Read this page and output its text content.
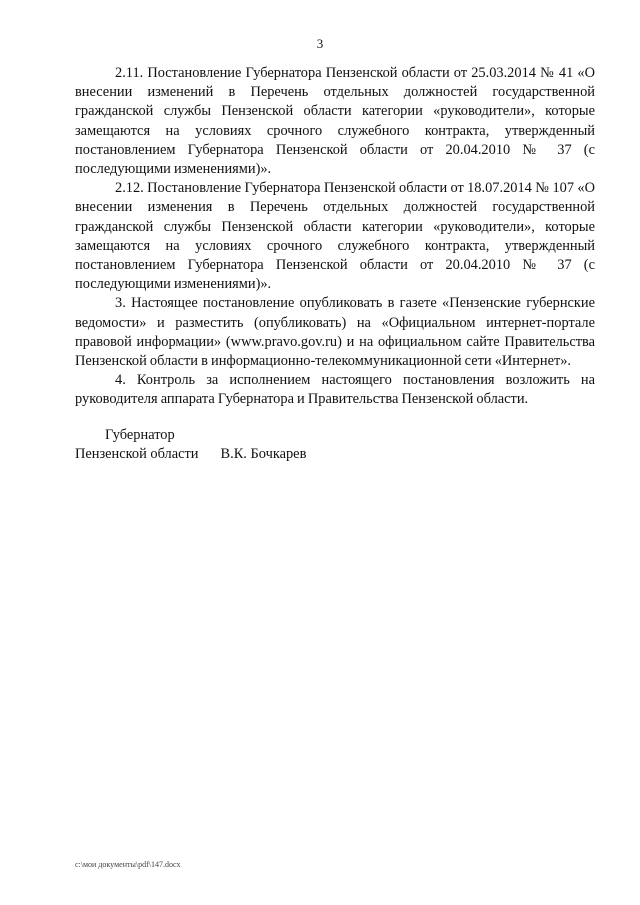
3

2.11. Постановление Губернатора Пензенской области от 25.03.2014 № 41 «О внесении изменений в Перечень отдельных должностей государственной гражданской службы Пензенской области категории «руководители», которые замещаются на условиях срочного служебного контракта, утвержденный постановлением Губернатора Пензенской области от 20.04.2010 № 37 (с последующими изменениями)».

2.12. Постановление Губернатора Пензенской области от 18.07.2014 № 107 «О внесении изменения в Перечень отдельных должностей государственной гражданской службы Пензенской области категории «руководители», которые замещаются на условиях срочного служебного контракта, утвержденный постановлением Губернатора Пензенской области от 20.04.2010 № 37 (с последующими изменениями)».

3. Настоящее постановление опубликовать в газете «Пензенские губернские ведомости» и разместить (опубликовать) на «Официальном интернет-портале правовой информации» (www.pravo.gov.ru) и на официальном сайте Правительства Пензенской области в информационно-телекоммуникационной сети «Интернет».

4. Контроль за исполнением настоящего постановления возложить на руководителя аппарата Губернатора и Правительства Пензенской области.

Губернатор
Пензенской области В.К. Бочкарев
c:\мои документы\pdf\147.docx
